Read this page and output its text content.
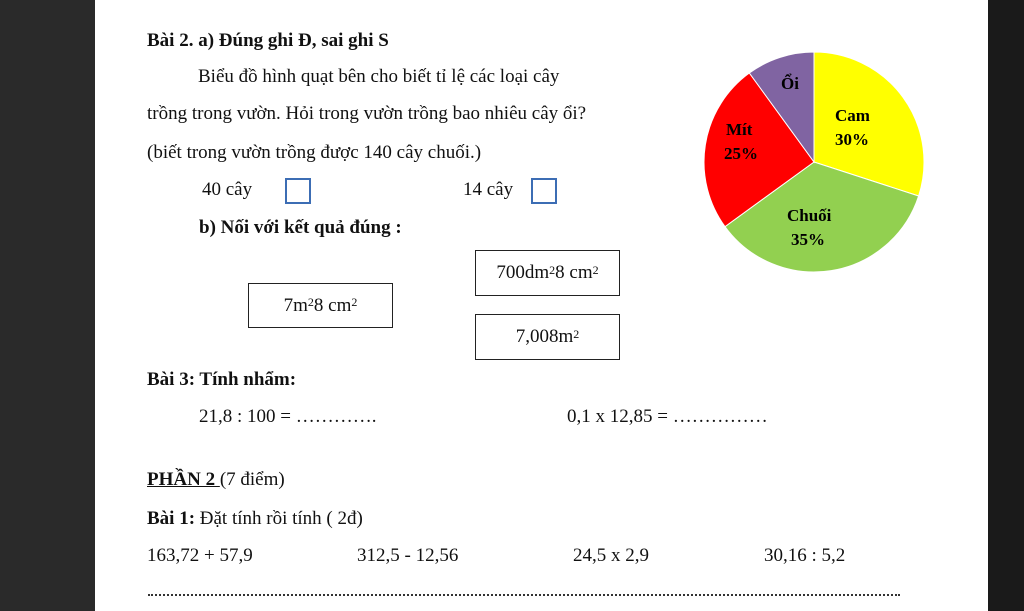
Bài 2. a) Đúng ghi Đ, sai ghi S
Biểu đồ hình quạt bên cho biết tỉ lệ các loại cây
trồng trong vườn. Hỏi trong vườn trồng bao nhiêu cây ổi?
(biết trong vườn trồng được 140 cây chuối.)
40 cây	14 cây
b) Nối với kết quả đúng :
$7m^2$ 8 $cm^2$
$700dm^2$ 8 $cm^2$
$7,008m^2$
Ổi
Cam
30%
Chuối
35%
Mít
25%
Bài 3: Tính nhẩm:
21,8 : 100 = ………….	0,1 x 12,85 = ……………
PHẦN 2 (7 điểm)
Bài 1: Đặt tính rồi tính ( 2đ)
163,72 + 57,9	312,5 - 12,56	24,5 x 2,9	30,16 : 5,2
